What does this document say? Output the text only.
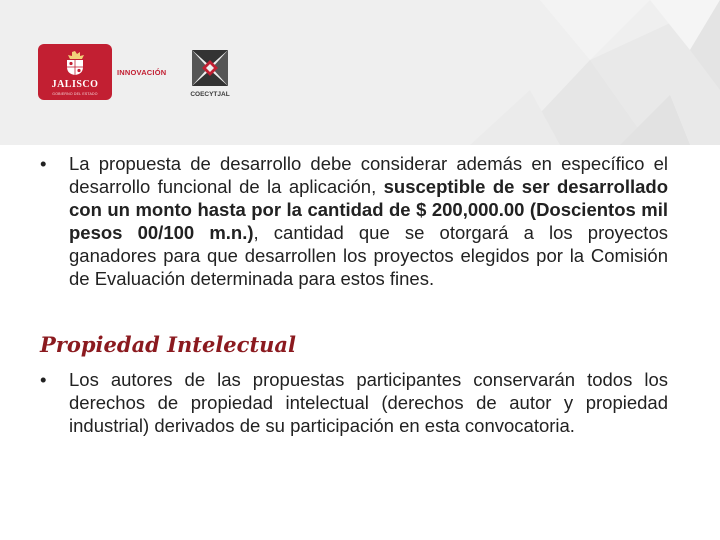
JALISCO
GOBIERNO DEL ESTADO
INNOVACIÓN
COECYTJAL

• La propuesta de desarrollo debe considerar además en específico el desarrollo funcional de la aplicación, susceptible de ser desarrollado con un monto hasta por la cantidad de $ 200,000.00 (Doscientos mil pesos 00/100 m.n.), cantidad que se otorgará a los proyectos ganadores para que desarrollen los proyectos elegidos por la Comisión de Evaluación determinada para estos fines.

Propiedad Intelectual

• Los autores de las propuestas participantes conservarán todos los derechos de propiedad intelectual (derechos de autor y propiedad industrial) derivados de su participación en esta convocatoria.
